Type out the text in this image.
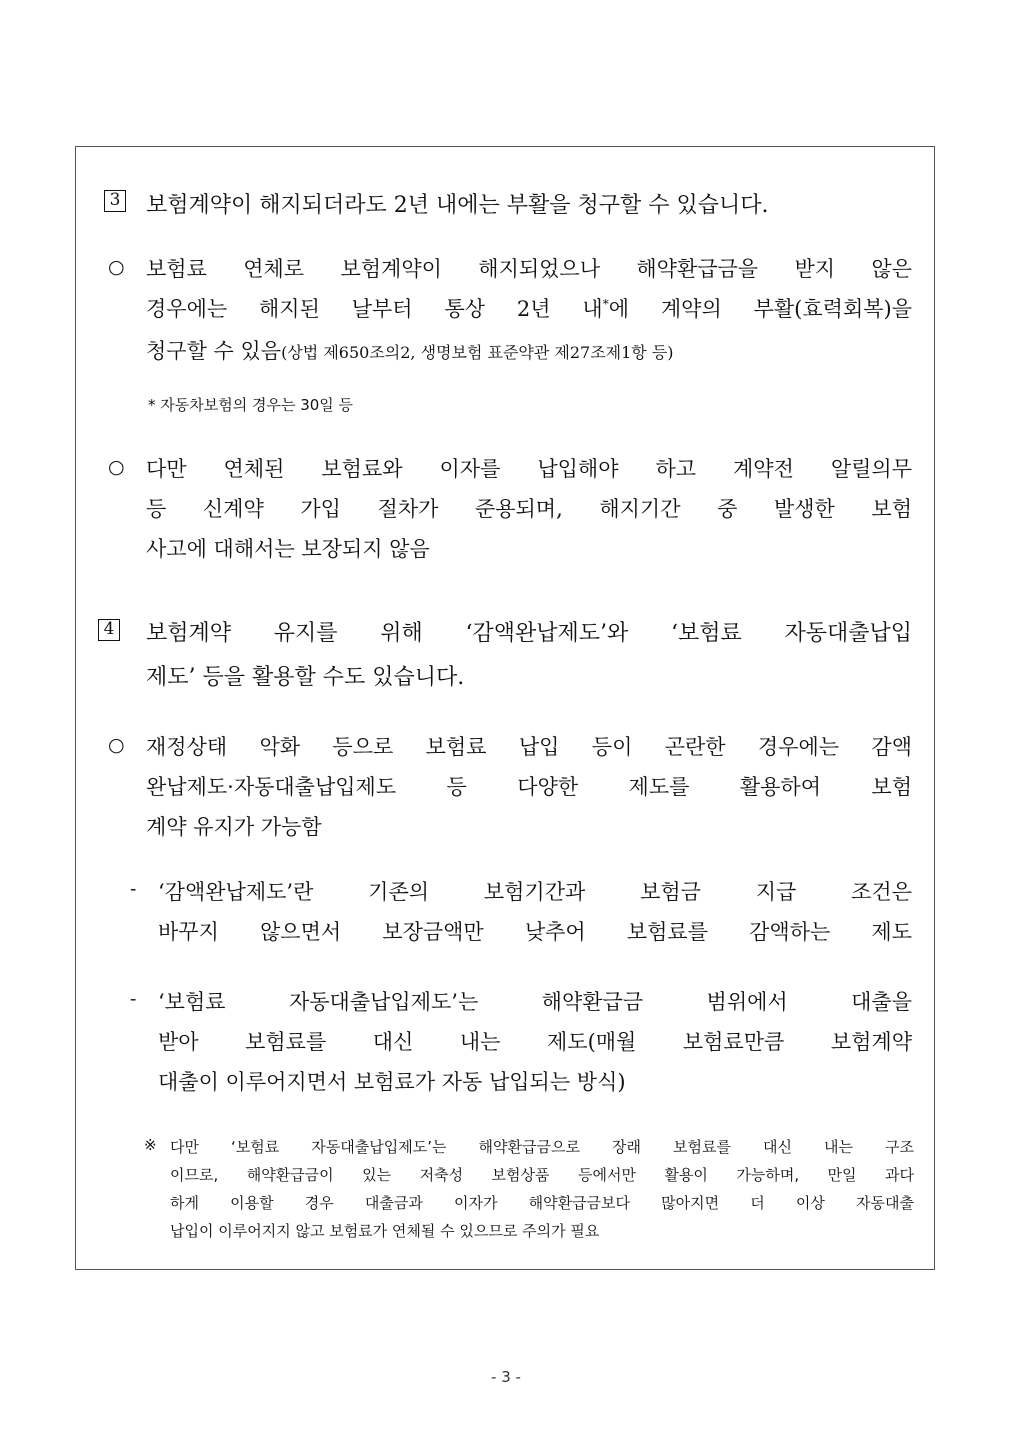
3 보험계약이 해지되더라도 2년 내에는 부활을 청구할 수 있습니다.
○ 보험료 연체로 보험계약이 해지되었으나 해약환급금을 받지 않은
경우에는 해지된 날부터 통상 2년 내*에 계약의 부활(효력회복)을
청구할 수 있음(상법 제650조의2, 생명보험 표준약관 제27조제1항 등)
* 자동차보험의 경우는 30일 등
○ 다만 연체된 보험료와 이자를 납입해야 하고 계약전 알릴의무
등 신계약 가입 절차가 준용되며, 해지기간 중 발생한 보험
사고에 대해서는 보장되지 않음
4 보험계약 유지를 위해 ‘감액완납제도’와 ‘보험료 자동대출납입
제도’ 등을 활용할 수도 있습니다.
○ 재정상태 악화 등으로 보험료 납입 등이 곤란한 경우에는 감액
완납제도·자동대출납입제도 등 다양한 제도를 활용하여 보험
계약 유지가 가능함
- ‘감액완납제도’란 기존의 보험기간과 보험금 지급 조건은
바꾸지 않으면서 보장금액만 낮추어 보험료를 감액하는 제도
- ‘보험료 자동대출납입제도’는 해약환급금 범위에서 대출을
받아 보험료를 대신 내는 제도(매월 보험료만큼 보험계약
대출이 이루어지면서 보험료가 자동 납입되는 방식)
※ 다만 ‘보험료 자동대출납입제도’는 해약환급금으로 장래 보험료를 대신 내는 구조
이므로, 해약환급금이 있는 저축성 보험상품 등에서만 활용이 가능하며, 만일 과다
하게 이용할 경우 대출금과 이자가 해약환급금보다 많아지면 더 이상 자동대출
납입이 이루어지지 않고 보험료가 연체될 수 있으므로 주의가 필요
- 3 -
